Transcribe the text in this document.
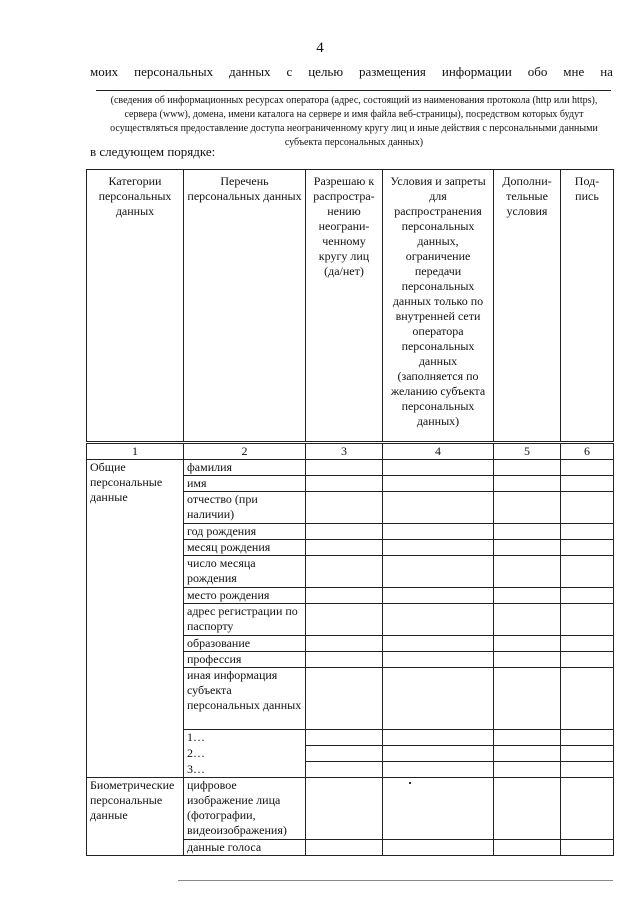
4
моих персональных данных с целью размещения информации обо мне на
(сведения об информационных ресурсах оператора (адрес, состоящий из наименования протокола (http или https), сервера (www), домена, имени каталога на сервере и имя файла веб-страницы), посредством которых будут осуществляться предоставление доступа неограниченному кругу лиц и иные действия с персональными данными субъекта персональных данных)
в следующем порядке:
Категории персональных данных	Перечень персональных данных	Разрешаю к распростра-нению неограни-ченному кругу лиц (да/нет)	Условия и запреты для распространения персональных данных, ограничение передачи персональных данных только по внутренней сети оператора персональных данных (заполняется по желанию субъекта персональных данных)	Дополни-тельные условия	Под-пись
1	2	3	4	5	6
Общие персональные данные	фамилия				
	имя				
	отчество (при наличии)				
	год рождения				
	месяц рождения				
	число месяца рождения				
	место рождения				
	адрес регистрации по паспорту				
	образование				
	профессия				
	иная информация субъекта персональных данных				
	1…				
	2…				
	3…				
Биометрические персональные данные	цифровое изображение лица (фотографии, видеоизображения)				
	данные голоса				
